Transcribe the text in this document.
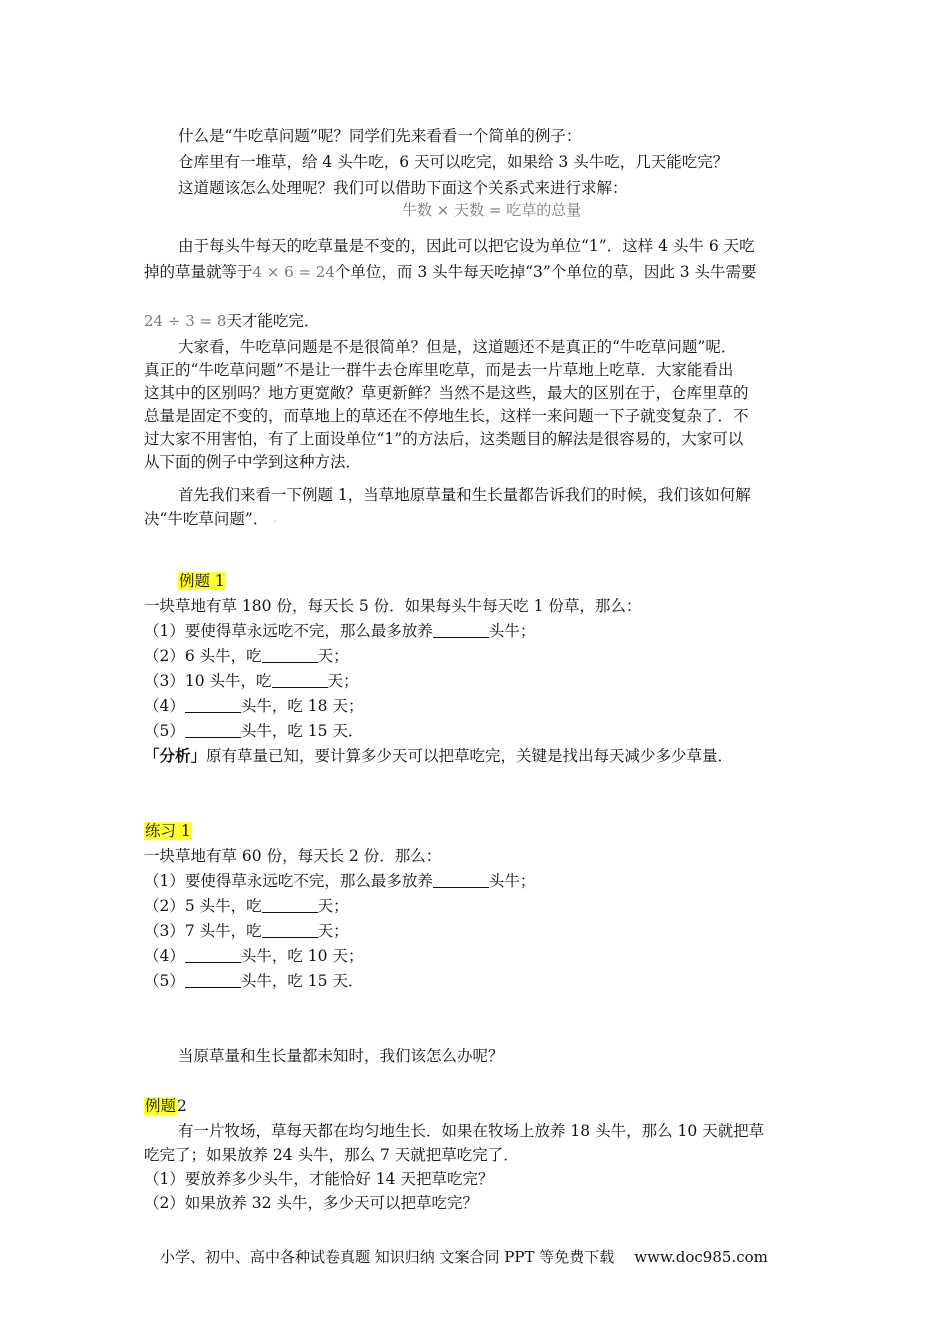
什么是“牛吃草问题”呢？同学们先来看看一个简单的例子：
仓库里有一堆草，给 4 头牛吃，6 天可以吃完，如果给 3 头牛吃，几天能吃完？
这道题该怎么处理呢？我们可以借助下面这个关系式来进行求解：
牛数 × 天数 = 吃草的总量
由于每头牛每天的吃草量是不变的，因此可以把它设为单位“1”．这样 4 头牛 6 天吃
掉的草量就等于4 × 6 = 24个单位，而 3 头牛每天吃掉“3”个单位的草，因此 3 头牛需要
24 ÷ 3 = 8天才能吃完．
大家看，牛吃草问题是不是很简单？但是，这道题还不是真正的“牛吃草问题”呢．
真正的“牛吃草问题”不是让一群牛去仓库里吃草，而是去一片草地上吃草．大家能看出
这其中的区别吗？地方更宽敞？草更新鲜？当然不是这些，最大的区别在于，仓库里草的
总量是固定不变的，而草地上的草还在不停地生长，这样一来问题一下子就变复杂了．不
过大家不用害怕，有了上面设单位“1”的方法后，这类题目的解法是很容易的，大家可以
从下面的例子中学到这种方法．
首先我们来看一下例题 1，当草地原草量和生长量都告诉我们的时候，我们该如何解
决“牛吃草问题”． -
例题 1
一块草地有草 180 份，每天长 5 份．如果每头牛每天吃 1 份草，那么：
（1）要使得草永远吃不完，那么最多放养	头牛；
（2）6 头牛，吃	天；
（3）10 头牛，吃	天；
（4）	头牛，吃 18 天；
（5）	头牛，吃 15 天．
「分析」原有草量已知，要计算多少天可以把草吃完，关键是找出每天减少多少草量．
练习 1
一块草地有草 60 份，每天长 2 份．那么：
（1）要使得草永远吃不完，那么最多放养	头牛；
（2）5 头牛，吃	天；
（3）7 头牛，吃	天；
（4）	头牛，吃 10 天；
（5）	头牛，吃 15 天．
当原草量和生长量都未知时，我们该怎么办呢？
例题2
有一片牧场，草每天都在均匀地生长．如果在牧场上放养 18 头牛，那么 10 天就把草
吃完了；如果放养 24 头牛，那么 7 天就把草吃完了．
（1）要放养多少头牛，才能恰好 14 天把草吃完？
（2）如果放养 32 头牛，多少天可以把草吃完？
小学、初中、高中各种试卷真题 知识归纳 文案合同 PPT 等免费下载 www.doc985.com
